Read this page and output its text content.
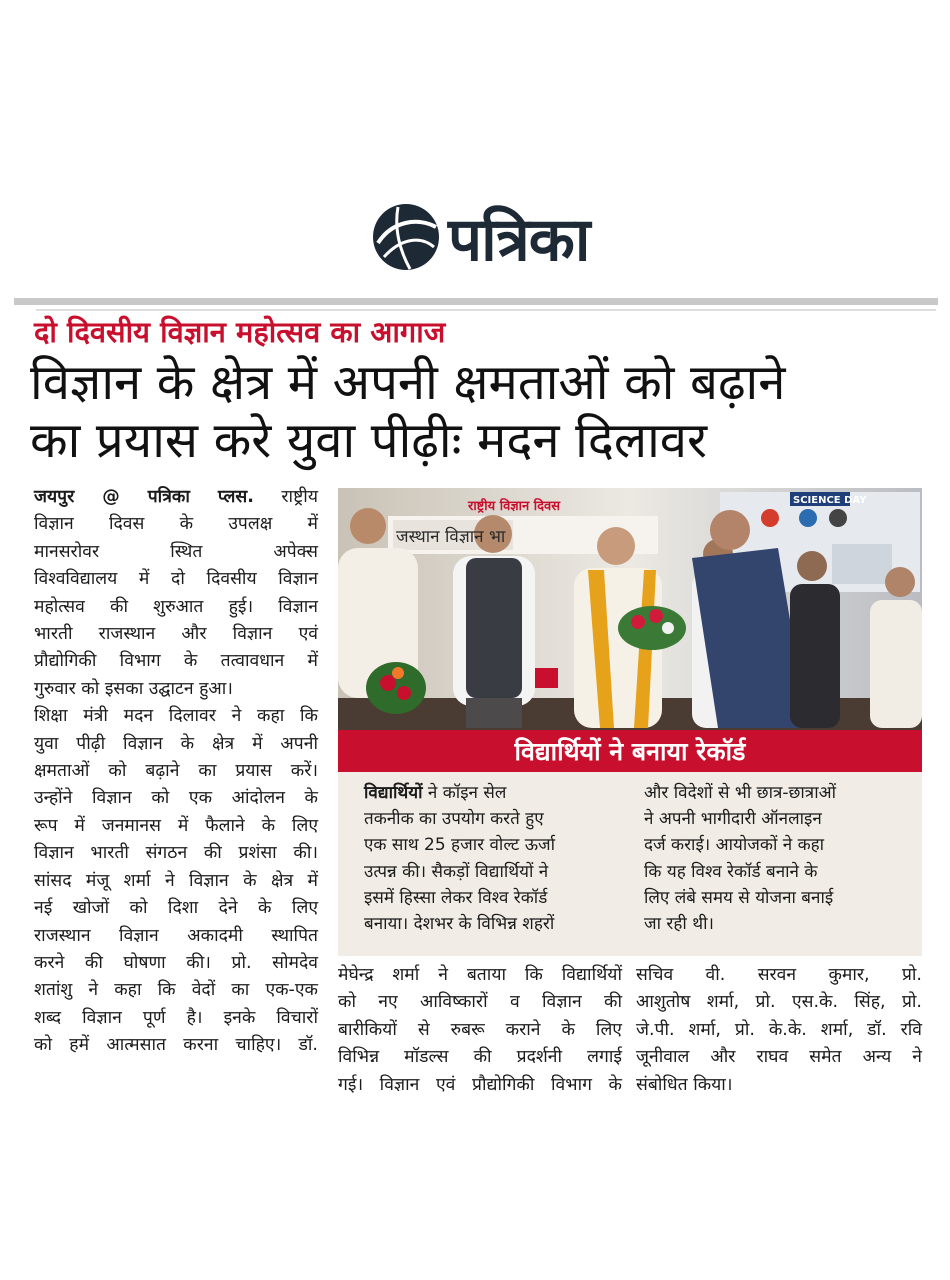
पत्रिका
दो दिवसीय विज्ञान महोत्सव का आगाज
विज्ञान के क्षेत्र में अपनी क्षमताओं को बढ़ाने
का प्रयास करे युवा पीढ़ीः मदन दिलावर

जयपुर @ पत्रिका प्लस. राष्ट्रीय

विज्ञान दिवस के उपलक्ष में

मानसरोवर स्थित अपेक्स

विश्वविद्यालय में दो दिवसीय विज्ञान

महोत्सव की शुरुआत हुई। विज्ञान

भारती राजस्थान और विज्ञान एवं

प्रौद्योगिकी विभाग के तत्वावधान में

गुरुवार को इसका उद्घाटन हुआ।

शिक्षा मंत्री मदन दिलावर ने कहा कि

युवा पीढ़ी विज्ञान के क्षेत्र में अपनी

क्षमताओं को बढ़ाने का प्रयास करें।

उन्होंने विज्ञान को एक आंदोलन के

रूप में जनमानस में फैलाने के लिए

विज्ञान भारती संगठन की प्रशंसा की।

सांसद मंजू शर्मा ने विज्ञान के क्षेत्र में

नई खोजों को दिशा देने के लिए

राजस्थान विज्ञान अकादमी स्थापित

करने की घोषणा की। प्रो. सोमदेव

शतांशु ने कहा कि वेदों का एक-एक

शब्द विज्ञान पूर्ण है। इनके विचारों

को हमें आत्मसात करना चाहिए। डॉ.

राष्ट्रीय विज्ञान दिवस
जस्थान विज्ञान भा
SCIENCE DAY
विद्यार्थियों ने बनाया रेकॉर्ड
विद्यार्थियों ने कॉइन सेल
तकनीक का उपयोग करते हुए
एक साथ 25 हजार वोल्ट ऊर्जा
उत्पन्न की। सैकड़ों विद्यार्थियों ने
इसमें हिस्सा लेकर विश्व रेकॉर्ड
बनाया। देशभर के विभिन्न शहरों
और विदेशों से भी छात्र-छात्राओं
ने अपनी भागीदारी ऑनलाइन
दर्ज कराई। आयोजकों ने कहा
कि यह विश्व रेकॉर्ड बनाने के
लिए लंबे समय से योजना बनाई
जा रही थी।

मेघेन्द्र शर्मा ने बताया कि विद्यार्थियों

को नए आविष्कारों व विज्ञान की

बारीकियों से रुबरू कराने के लिए

विभिन्न मॉडल्स की प्रदर्शनी लगाई

गई। विज्ञान एवं प्रौद्योगिकी विभाग के

सचिव वी. सरवन कुमार, प्रो.

आशुतोष शर्मा, प्रो. एस.के. सिंह, प्रो.

जे.पी. शर्मा, प्रो. के.के. शर्मा, डॉ. रवि

जूनीवाल और राघव समेत अन्य ने

संबोधित किया।
